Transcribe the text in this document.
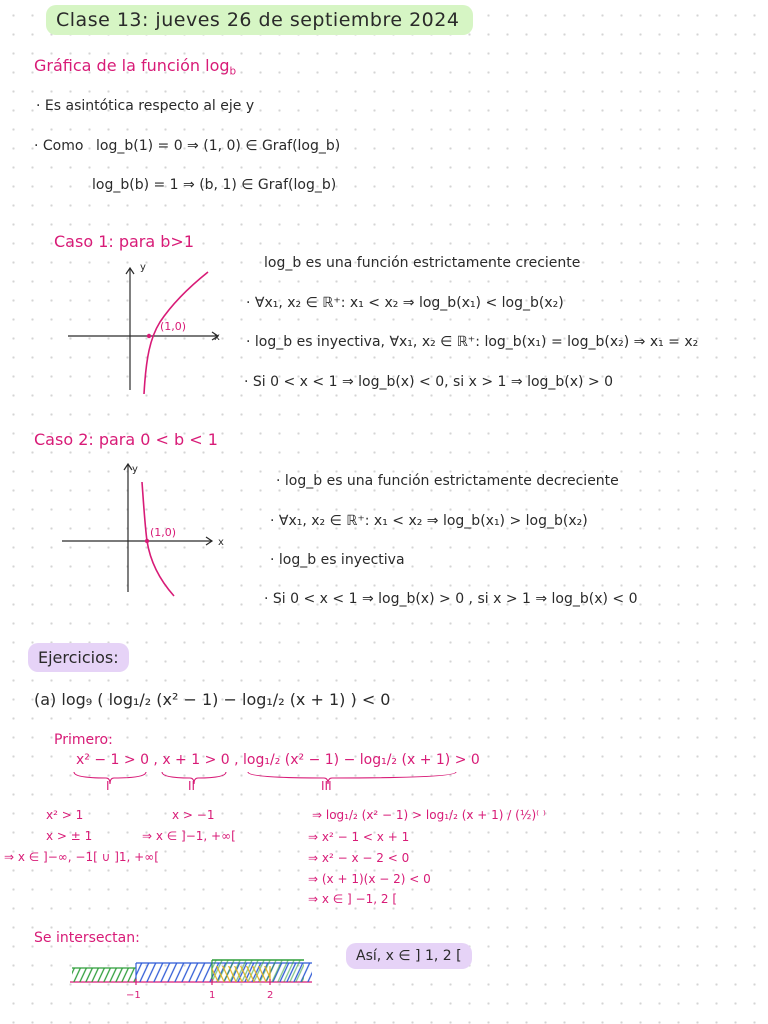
Clase 13: jueves 26 de septiembre 2024
Gráfica de la función $\log_b$
· Es asintótica respecto al eje y
· Como log_b(1) = 0 ⇒ (1, 0) ∈ Graf(log_b)
log_b(b) = 1 ⇒ (b, 1) ∈ Graf(log_b)
Caso 1: para b>1
(1,0)
x
y	log_b es una función estrictamente creciente
· ∀x₁, x₂ ∈ ℝ⁺: x₁ < x₂ ⇒ log_b(x₁) < log_b(x₂)
· log_b es inyectiva, ∀x₁, x₂ ∈ ℝ⁺: log_b(x₁) = log_b(x₂) ⇒ x₁ = x₂
· Si 0 < x < 1 ⇒ log_b(x) < 0, si x > 1 ⇒ log_b(x) > 0
Caso 2: para 0 < b < 1
(1,0)
x
y
· log_b es una función estrictamente decreciente
· ∀x₁, x₂ ∈ ℝ⁺: x₁ < x₂ ⇒ log_b(x₁) > log_b(x₂)
· log_b es inyectiva
· Si 0 < x < 1 ⇒ log_b(x) > 0 , si x > 1 ⇒ log_b(x) < 0
Ejercicios:
(a) log₉ ( log₁/₂ (x² − 1) − log₁/₂ (x + 1) ) < 0
Primero:
x² − 1 > 0 , x + 1 > 0 , log₁/₂ (x² − 1) − log₁/₂ (x + 1) > 0
I	II	III
x² > 1
x > ± 1
⇒ x ∈ ]−∞, −1[ ∪ ]1, +∞[
x > −1
⇒ x ∈ ]−1, +∞[
⇒ log₁/₂ (x² − 1) > log₁/₂ (x + 1) / (½)⁽ ⁾
⇒ x² − 1 < x + 1
⇒ x² − x − 2 < 0
⇒ (x + 1)(x − 2) < 0
⇒ x ∈ ] −1, 2 [
Se intersectan:
Así, x ∈ ] 1, 2 [
−1	1	2
